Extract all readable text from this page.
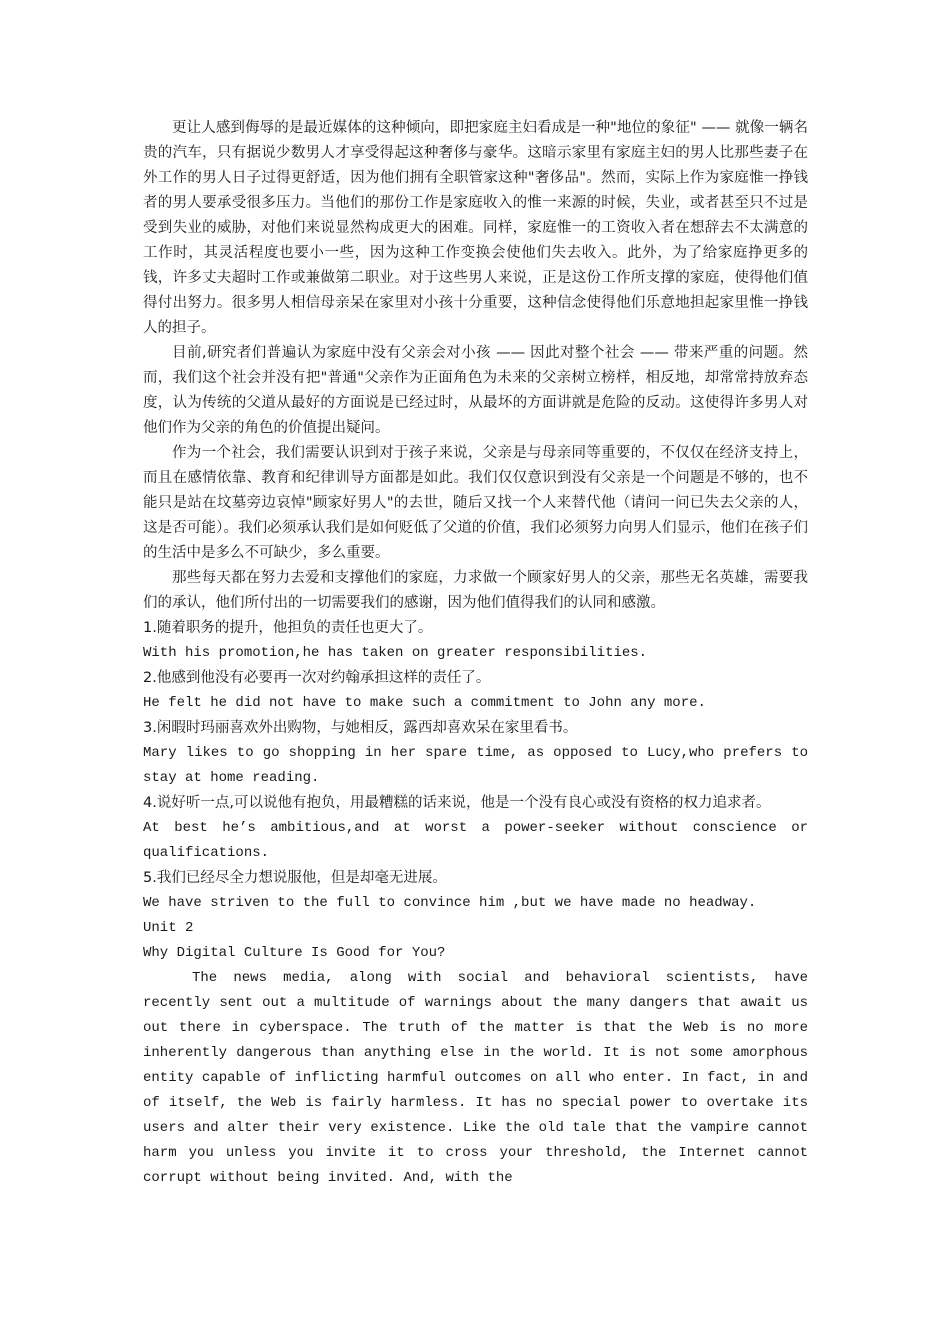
更让人感到侮辱的是最近媒体的这种倾向，即把家庭主妇看成是一种"地位的象征" —— 就像一辆名贵的汽车，只有据说少数男人才享受得起这种奢侈与豪华。这暗示家里有家庭主妇的男人比那些妻子在外工作的男人日子过得更舒适，因为他们拥有全职管家这种"奢侈品"。然而，实际上作为家庭惟一挣钱者的男人要承受很多压力。当他们的那份工作是家庭收入的惟一来源的时候，失业，或者甚至只不过是受到失业的威胁，对他们来说显然构成更大的困难。同样，家庭惟一的工资收入者在想辞去不太满意的工作时，其灵活程度也要小一些，因为这种工作变换会使他们失去收入。此外，为了给家庭挣更多的钱，许多丈夫超时工作或兼做第二职业。对于这些男人来说，正是这份工作所支撑的家庭，使得他们值得付出努力。很多男人相信母亲呆在家里对小孩十分重要，这种信念使得他们乐意地担起家里惟一挣钱人的担子。

目前,研究者们普遍认为家庭中没有父亲会对小孩 —— 因此对整个社会 —— 带来严重的问题。然而，我们这个社会并没有把"普通"父亲作为正面角色为未来的父亲树立榜样，相反地，却常常持放弃态度，认为传统的父道从最好的方面说是已经过时，从最坏的方面讲就是危险的反动。这使得许多男人对他们作为父亲的角色的价值提出疑问。

作为一个社会，我们需要认识到对于孩子来说，父亲是与母亲同等重要的，不仅仅在经济支持上，而且在感情依靠、教育和纪律训导方面都是如此。我们仅仅意识到没有父亲是一个问题是不够的，也不能只是站在坟墓旁边哀悼"顾家好男人"的去世，随后又找一个人来替代他（请问一问已失去父亲的人，这是否可能）。我们必须承认我们是如何贬低了父道的价值，我们必须努力向男人们显示，他们在孩子们的生活中是多么不可缺少，多么重要。

那些每天都在努力去爱和支撑他们的家庭，力求做一个顾家好男人的父亲，那些无名英雄，需要我们的承认，他们所付出的一切需要我们的感谢，因为他们值得我们的认同和感激。

1.随着职务的提升，他担负的责任也更大了。

With his promotion,he has taken on greater responsibilities.

2.他感到他没有必要再一次对约翰承担这样的责任了。

He felt he did not have to make such a commitment to John any more.

3.闲暇时玛丽喜欢外出购物，与她相反，露西却喜欢呆在家里看书。

Mary likes to go shopping in her spare time, as opposed to Lucy,who prefers to stay at home reading.

4.说好听一点,可以说他有抱负，用最糟糕的话来说，他是一个没有良心或没有资格的权力追求者。

At best he’s ambitious,and at worst a power-seeker without conscience or qualifications.

5.我们已经尽全力想说服他，但是却毫无进展。

We have striven to the full to convince him ,but we have made no headway.

Unit 2

Why Digital Culture Is Good for You?

The news media, along with social and behavioral scientists, have recently sent out a multitude of warnings about the many dangers that await us out there in cyberspace. The truth of the matter is that the Web is no more inherently dangerous than anything else in the world. It is not some amorphous entity capable of inflicting harmful outcomes on all who enter. In fact, in and of itself, the Web is fairly harmless. It has no special power to overtake its users and alter their very existence. Like the old tale that the vampire cannot harm you unless you invite it to cross your threshold, the Internet cannot corrupt without being invited. And, with the
